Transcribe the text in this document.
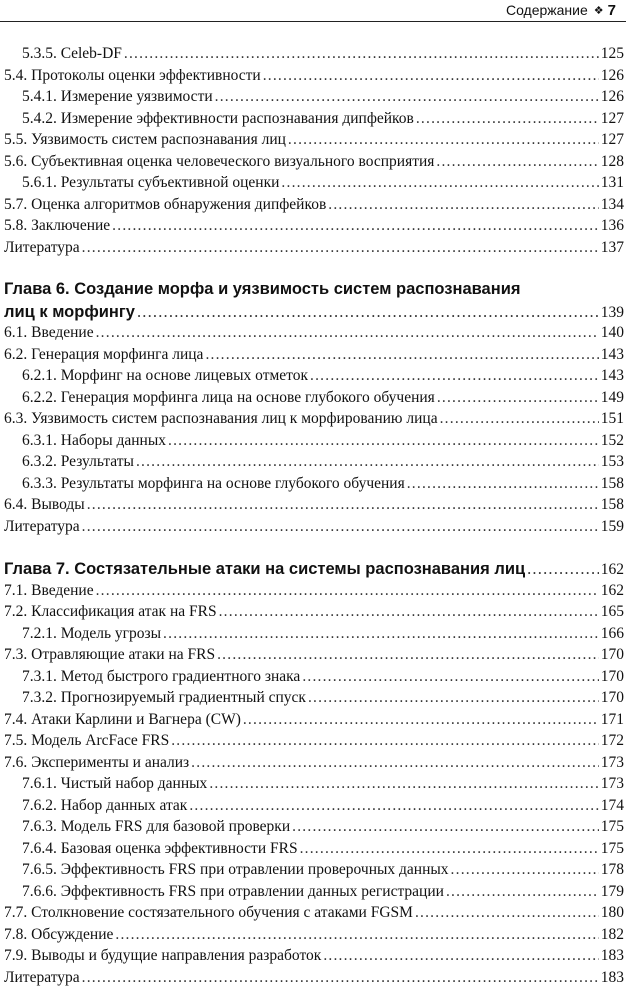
Содержание ❖ 7
5.3.5. Celeb-DF .....	125
5.4. Протоколы оценки эффективности .....	126
5.4.1. Измерение уязвимости .....	126
5.4.2. Измерение эффективности распознавания дипфейков .....	127
5.5. Уязвимость систем распознавания лиц .....	127
5.6. Субъективная оценка человеческого визуального восприятия .....	128
5.6.1. Результаты субъективной оценки .....	131
5.7. Оценка алгоритмов обнаружения дипфейков .....	134
5.8. Заключение .....	136
Литература .....	137
Глава 6. Создание морфа и уязвимость систем распознавания
лиц к морфингу .....	139
6.1. Введение .....	140
6.2. Генерация морфинга лица .....	143
6.2.1. Морфинг на основе лицевых отметок .....	143
6.2.2. Генерация морфинга лица на основе глубокого обучения .....	149
6.3. Уязвимость систем распознавания лиц к морфированию лица .....	151
6.3.1. Наборы данных .....	152
6.3.2. Результаты .....	153
6.3.3. Результаты морфинга на основе глубокого обучения .....	158
6.4. Выводы .....	158
Литература .....	159
Глава 7. Состязательные атаки на системы распознавания лиц .....	162
7.1. Введение .....	162
7.2. Классификация атак на FRS .....	165
7.2.1. Модель угрозы .....	166
7.3. Отравляющие атаки на FRS .....	170
7.3.1. Метод быстрого градиентного знака .....	170
7.3.2. Прогнозируемый градиентный спуск .....	170
7.4. Атаки Карлини и Вагнера (CW) .....	171
7.5. Модель ArcFace FRS .....	172
7.6. Эксперименты и анализ .....	173
7.6.1. Чистый набор данных .....	173
7.6.2. Набор данных атак .....	174
7.6.3. Модель FRS для базовой проверки .....	175
7.6.4. Базовая оценка эффективности FRS .....	175
7.6.5. Эффективность FRS при отравлении проверочных данных .....	178
7.6.6. Эффективность FRS при отравлении данных регистрации .....	179
7.7. Столкновение состязательного обучения с атаками FGSM .....	180
7.8. Обсуждение .....	182
7.9. Выводы и будущие направления разработок .....	183
Литература .....	183
